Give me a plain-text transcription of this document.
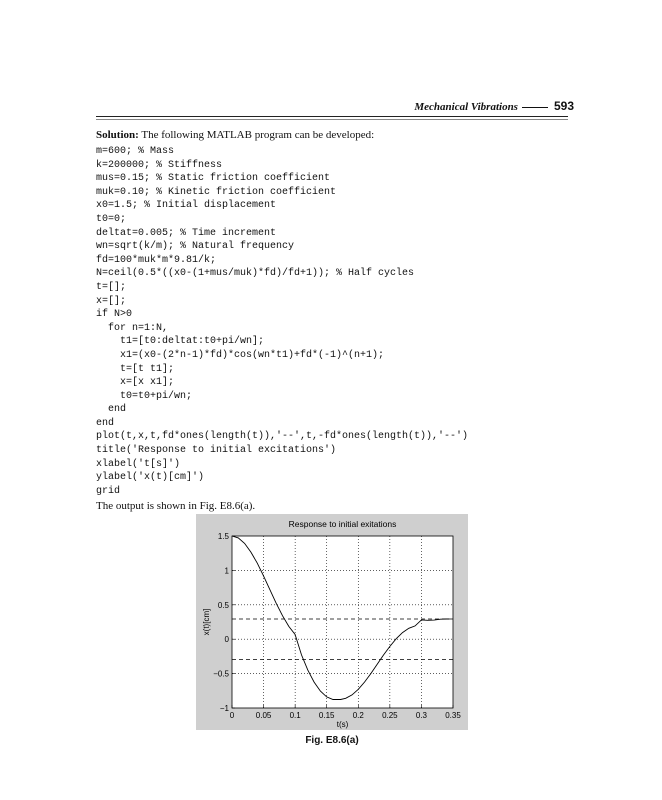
Mechanical Vibrations	593
Solution: The following MATLAB program can be developed:
m=600; % Mass
k=200000; % Stiffness
mus=0.15; % Static friction coefficient
muk=0.10; % Kinetic friction coefficient
x0=1.5; % Initial displacement
t0=0;
deltat=0.005; % Time increment
wn=sqrt(k/m); % Natural frequency
fd=100*muk*m*9.81/k;
N=ceil(0.5*((x0-(1+mus/muk)*fd)/fd+1)); % Half cycles
t=[];
x=[];
if N>0
for n=1:N,
t1=[t0:deltat:t0+pi/wn];
x1=(x0-(2*n-1)*fd)*cos(wn*t1)+fd*(-1)^(n+1);
t=[t t1];
x=[x x1];
t0=t0+pi/wn;
end
end
plot(t,x,t,fd*ones(length(t)),'--',t,-fd*ones(length(t)),'--')
title('Response to initial excitations')
xlabel('t[s]')
ylabel('x(t)[cm]')
grid
The output is shown in Fig. E8.6(a).
0	0.05 0.1 0.15 0.2 0.25 0.3 0.35
−1
−0.5
0
0.5
1
1.5
Response to initial exitations
t(s)
x(t)[cm]
Fig. E8.6(a)
